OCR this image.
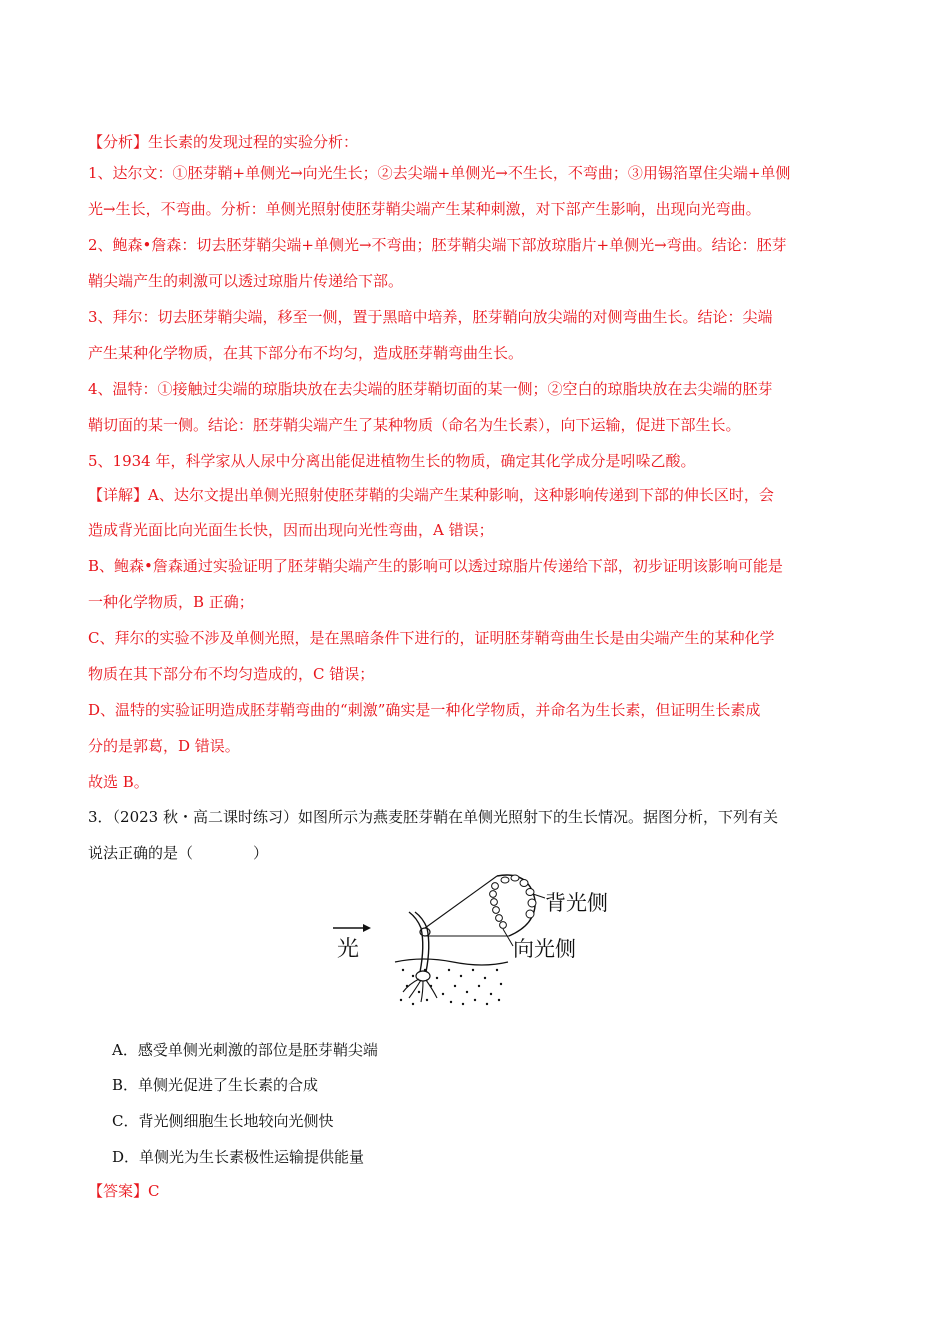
【分析】生长素的发现过程的实验分析：
1、达尔文：①胚芽鞘+单侧光→向光生长；②去尖端+单侧光→不生长，不弯曲；③用锡箔罩住尖端+单侧
光→生长，不弯曲。分析：单侧光照射使胚芽鞘尖端产生某种刺激，对下部产生影响，出现向光弯曲。
2、鲍森•詹森：切去胚芽鞘尖端+单侧光→不弯曲；胚芽鞘尖端下部放琼脂片+单侧光→弯曲。结论：胚芽
鞘尖端产生的刺激可以透过琼脂片传递给下部。
3、拜尔：切去胚芽鞘尖端，移至一侧，置于黑暗中培养，胚芽鞘向放尖端的对侧弯曲生长。结论：尖端
产生某种化学物质，在其下部分布不均匀，造成胚芽鞘弯曲生长。
4、温特：①接触过尖端的琼脂块放在去尖端的胚芽鞘切面的某一侧；②空白的琼脂块放在去尖端的胚芽
鞘切面的某一侧。结论：胚芽鞘尖端产生了某种物质（命名为生长素），向下运输，促进下部生长。
5、1934 年，科学家从人尿中分离出能促进植物生长的物质，确定其化学成分是吲哚乙酸。
【详解】A、达尔文提出单侧光照射使胚芽鞘的尖端产生某种影响，这种影响传递到下部的伸长区时，会
造成背光面比向光面生长快，因而出现向光性弯曲，A 错误；
B、鲍森•詹森通过实验证明了胚芽鞘尖端产生的影响可以透过琼脂片传递给下部，初步证明该影响可能是
一种化学物质，B 正确；
C、拜尔的实验不涉及单侧光照，是在黑暗条件下进行的，证明胚芽鞘弯曲生长是由尖端产生的某种化学
物质在其下部分布不均匀造成的，C 错误；
D、温特的实验证明造成胚芽鞘弯曲的“刺激”确实是一种化学物质，并命名为生长素，但证明生长素成
分的是郭葛，D 错误。
故选 B。
3．（2023 秋・高二课时练习）如图所示为燕麦胚芽鞘在单侧光照射下的生长情况。据图分析，下列有关
说法正确的是（　　　　）
光
背光侧
向光侧
A．感受单侧光刺激的部位是胚芽鞘尖端
B．单侧光促进了生长素的合成
C．背光侧细胞生长地较向光侧快
D．单侧光为生长素极性运输提供能量
【答案】C
